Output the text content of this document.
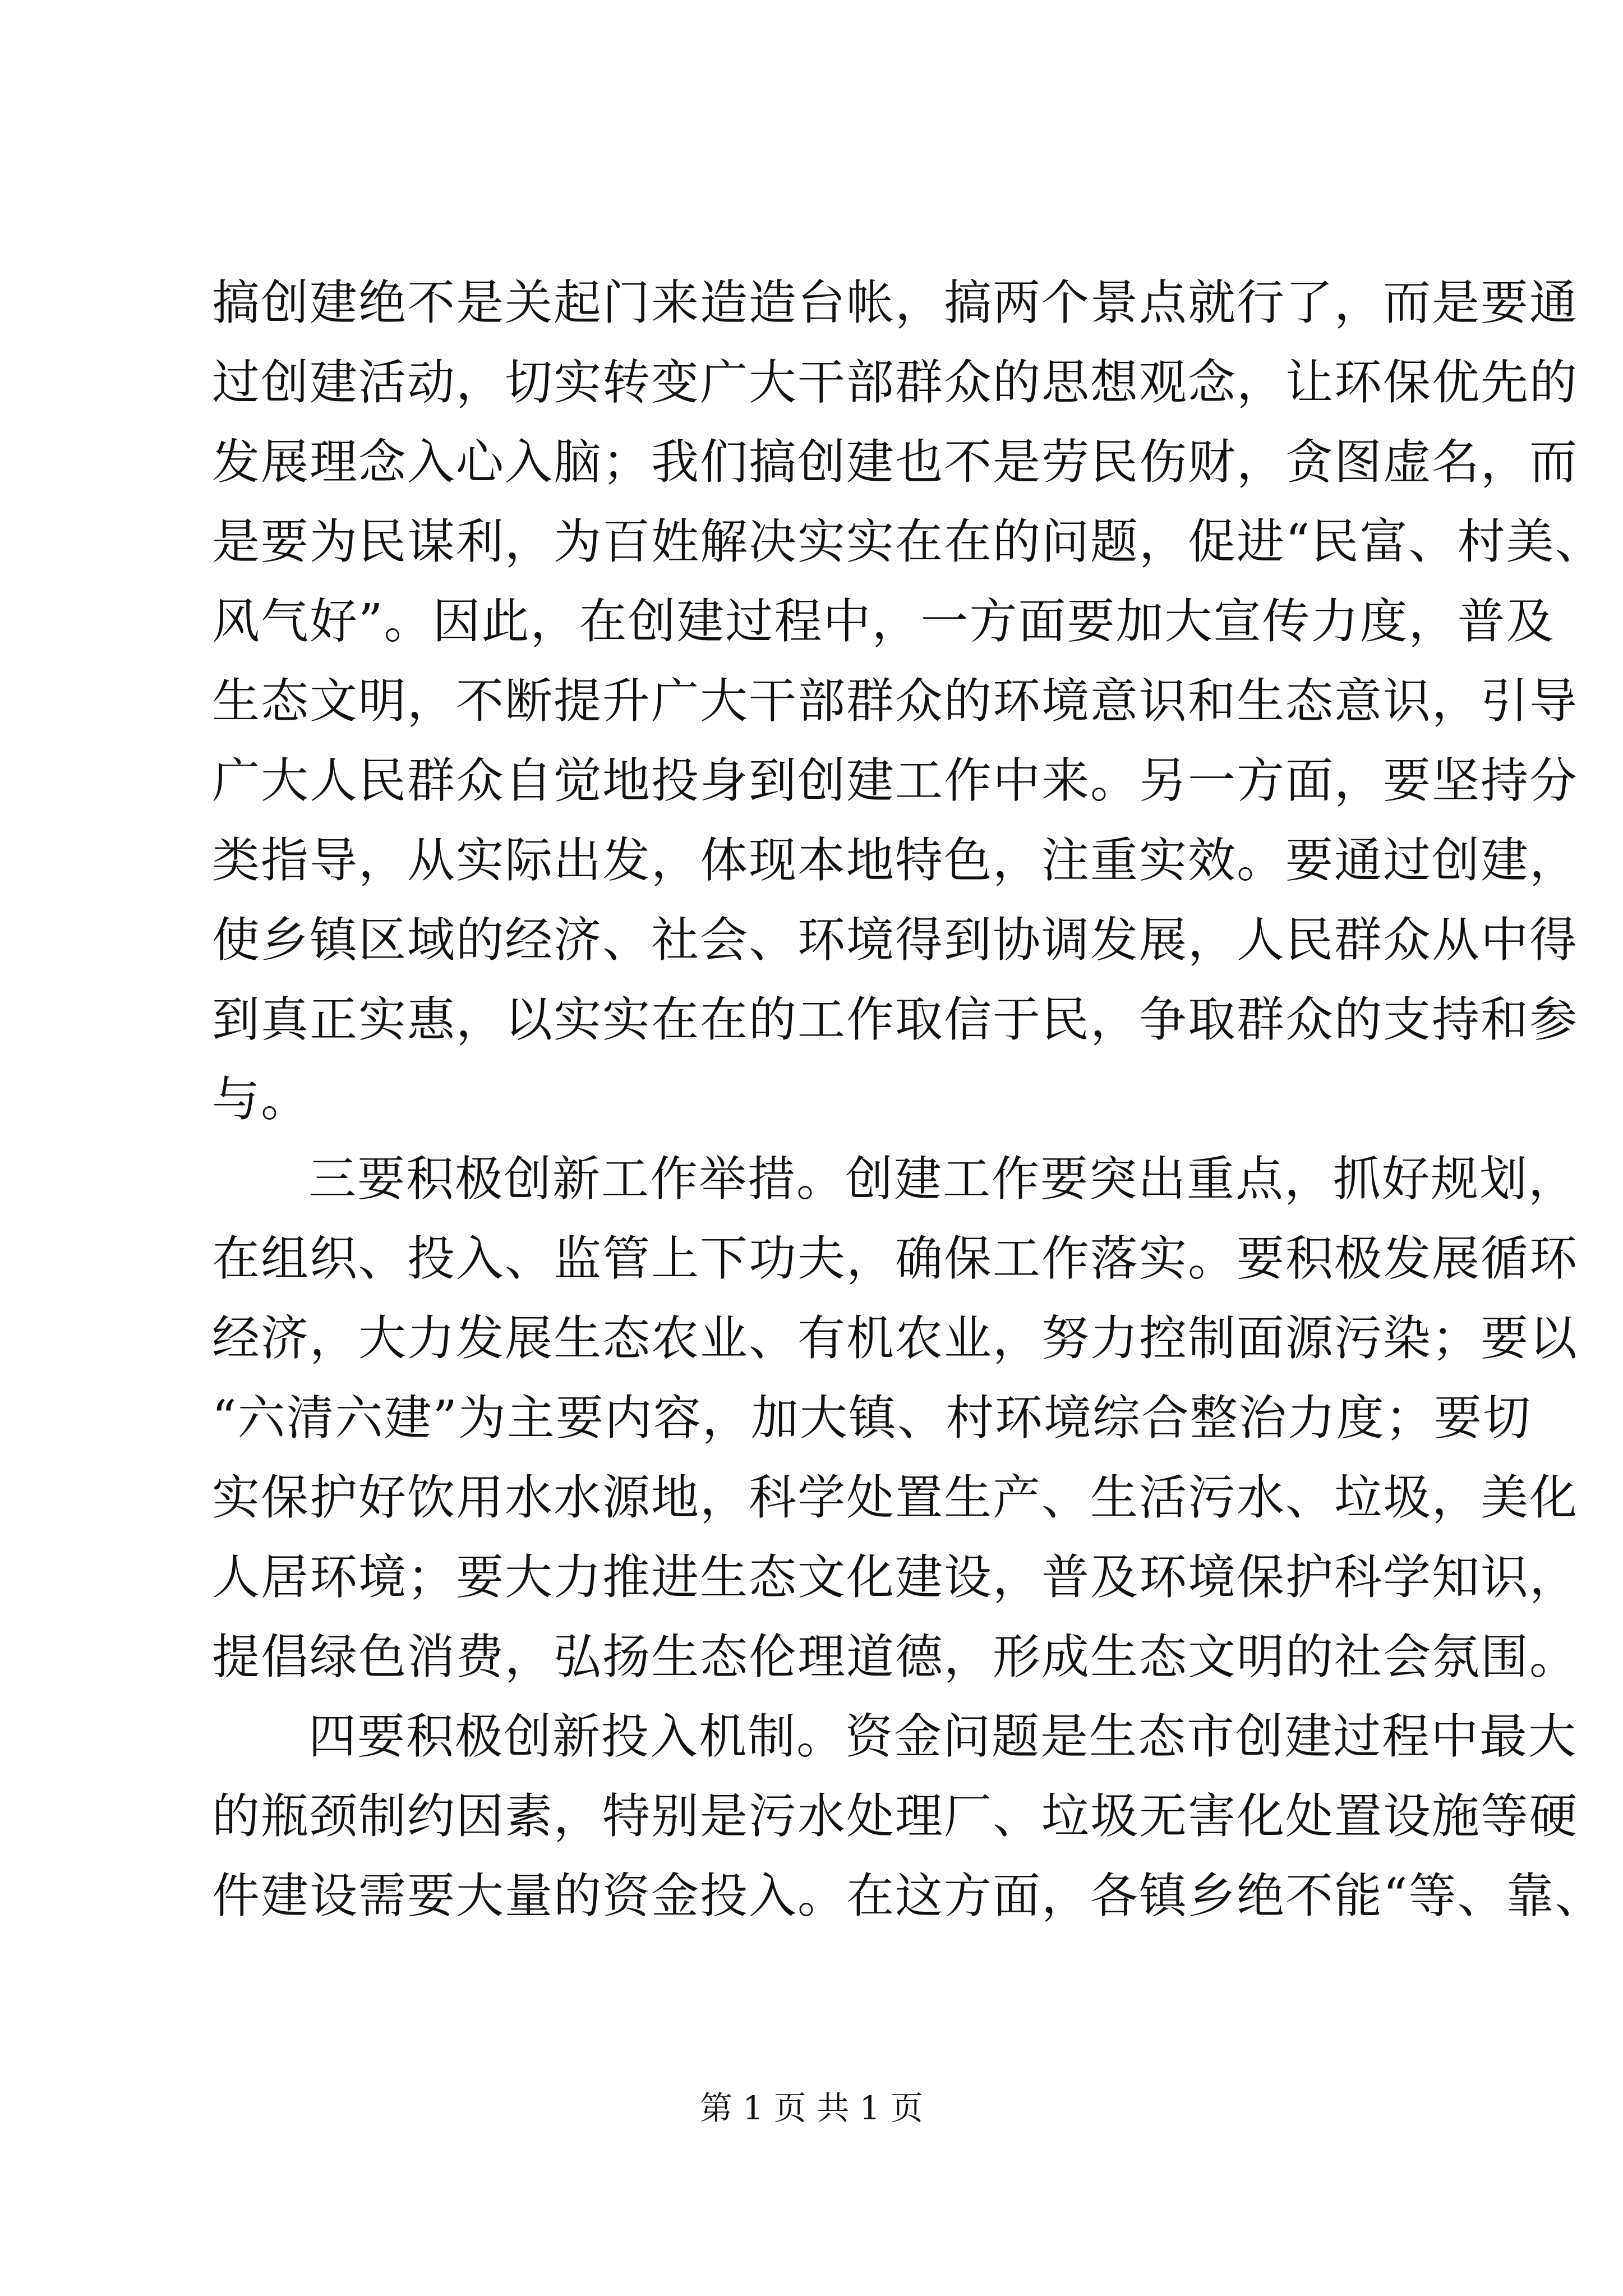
搞创建绝不是关起门来造造台帐，搞两个景点就行了，而是要通
过创建活动，切实转变广大干部群众的思想观念，让环保优先的
发展理念入心入脑；我们搞创建也不是劳民伤财，贪图虚名，而
是要为民谋利，为百姓解决实实在在的问题，促进“民富、村美、
风气好”。因此，在创建过程中，一方面要加大宣传力度，普及
生态文明，不断提升广大干部群众的环境意识和生态意识，引导
广大人民群众自觉地投身到创建工作中来。另一方面，要坚持分
类指导，从实际出发，体现本地特色，注重实效。要通过创建，
使乡镇区域的经济、社会、环境得到协调发展，人民群众从中得
到真正实惠，以实实在在的工作取信于民，争取群众的支持和参
与。
三要积极创新工作举措。创建工作要突出重点，抓好规划，
在组织、投入、监管上下功夫，确保工作落实。要积极发展循环
经济，大力发展生态农业、有机农业，努力控制面源污染；要以
“六清六建”为主要内容，加大镇、村环境综合整治力度；要切
实保护好饮用水水源地，科学处置生产、生活污水、垃圾，美化
人居环境；要大力推进生态文化建设，普及环境保护科学知识，
提倡绿色消费，弘扬生态伦理道德，形成生态文明的社会氛围。
四要积极创新投入机制。资金问题是生态市创建过程中最大
的瓶颈制约因素，特别是污水处理厂、垃圾无害化处置设施等硬
件建设需要大量的资金投入。在这方面，各镇乡绝不能“等、靠、
第 1 页 共 1 页
